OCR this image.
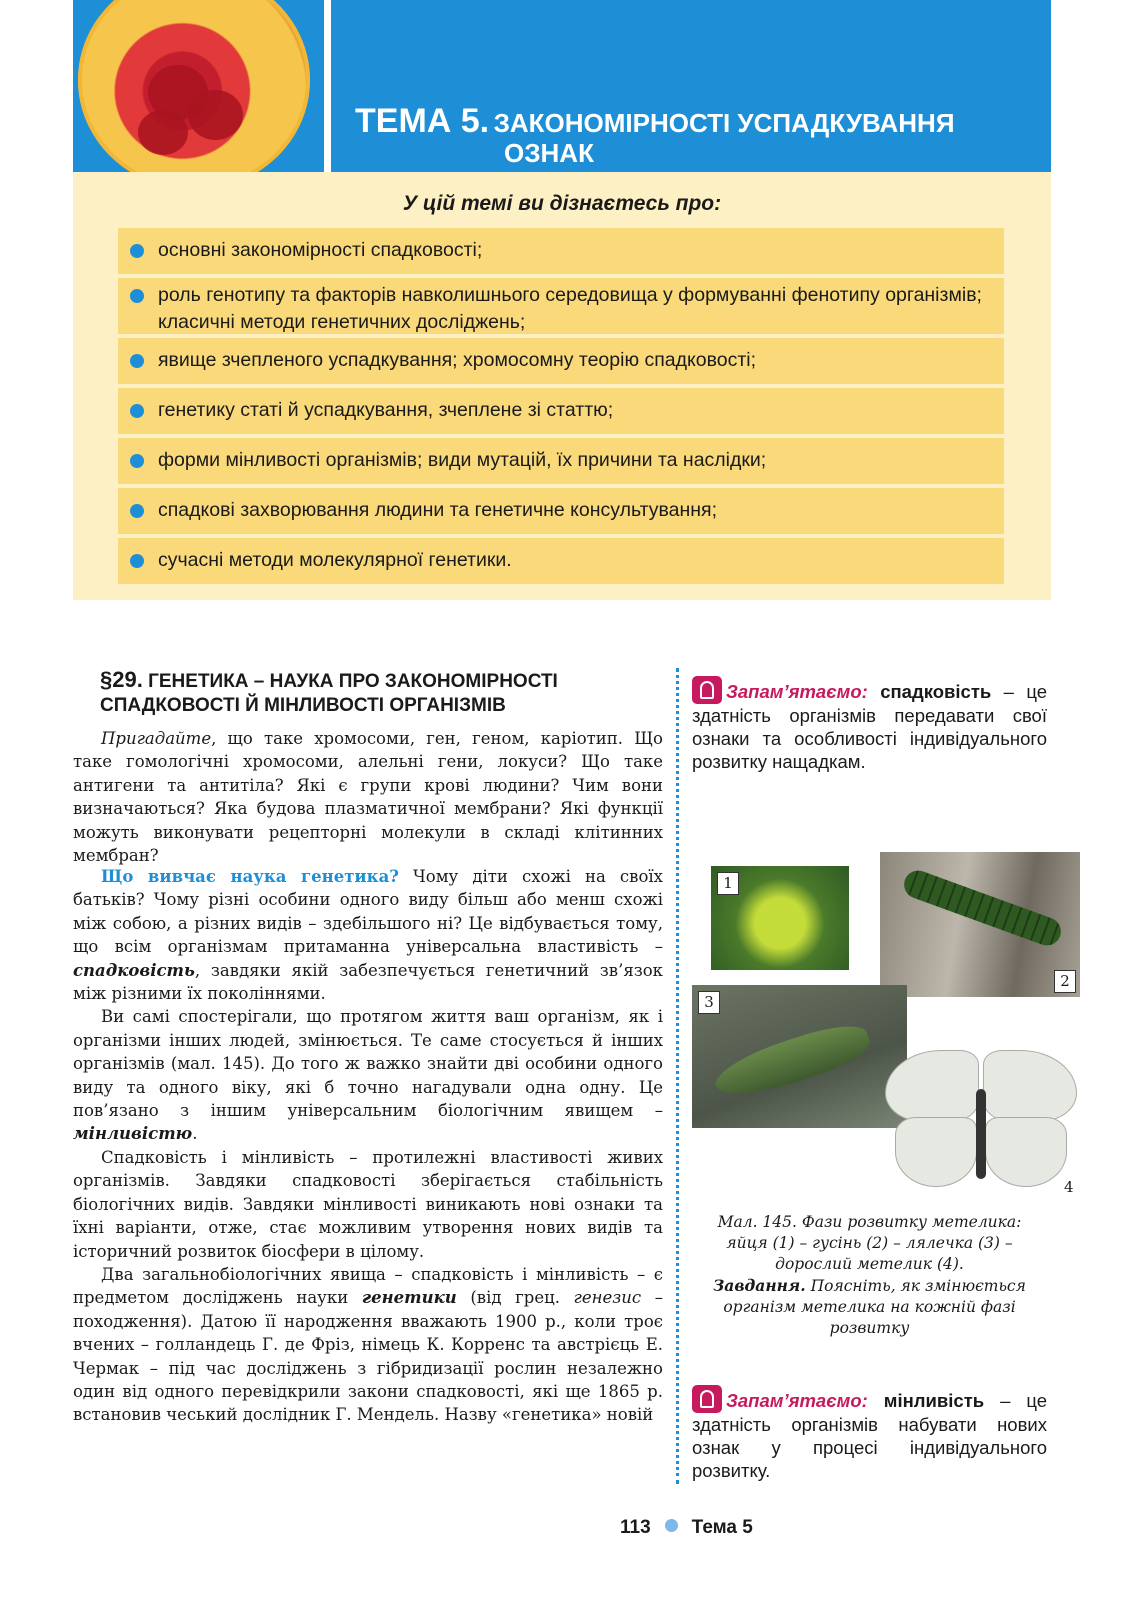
ТЕМА 5. ЗАКОНОМІРНОСТІ УСПАДКУВАННЯ
ОЗНАК
У цій темі ви дізнаєтесь про:
основні закономірності спадковості;
роль генотипу та факторів навколишнього середовища у формуванні фенотипу організмів; класичні методи генетичних досліджень;
явище зчепленого успадкування; хромосомну теорію спадковості;
генетику статі й успадкування, зчеплене зі статтю;
форми мінливості організмів; види мутацій, їх причини та наслідки;
спадкові захворювання людини та генетичне консультування;
сучасні методи молекулярної генетики.
§29. ГЕНЕТИКА – НАУКА ПРО ЗАКОНОМІРНОСТІ
СПАДКОВОСТІ Й МІНЛИВОСТІ ОРГАНІЗМІВ

Пригадайте, що таке хромосоми, ген, геном, каріотип. Що таке гомологічні хромосоми, алельні гени, локуси? Що таке антигени та антитіла? Які є групи крові людини? Чим вони визначаються? Яка будова плазматичної мембрани? Які функції можуть виконувати рецепторні молекули в складі клітинних мембран?

Що вивчає наука генетика? Чому діти схожі на своїх батьків? Чому різні особини одного виду більш або менш схожі між собою, а різних видів – здебільшого ні? Це відбувається тому, що всім організмам притаманна універсальна властивість – спадковість, завдяки якій забезпечується генетичний зв’язок між різними їх поколіннями.

Ви самі спостерігали, що протягом життя ваш організм, як і організми інших людей, змінюється. Те саме стосується й інших організмів (мал. 145). До того ж важко знайти дві особини одного виду та одного віку, які б точно нагадували одна одну. Це пов’язано з іншим універсальним біологічним явищем – мінливістю.

Спадковість і мінливість – протилежні властивості живих організмів. Завдяки спадковості зберігається стабільність біологічних видів. Завдяки мінливості виникають нові ознаки та їхні варіанти, отже, стає можливим утворення нових видів та історичний розвиток біосфери в цілому.

Два загальнобіологічних явища – спадковість і мінливість – є предметом досліджень науки генетики (від грец. генезис – походження). Датою її народження вважають 1900 р., коли троє вчених – голландець Г. де Фріз, німець К. Корренс та австрієць Е. Чермак – під час досліджень з гібридизації рослин незалежно один від одного перевідкрили закони спадковості, які ще 1865 р. встановив чеський дослідник Г. Мендель. Назву «генетика» новій

Запам’ятаємо: спадковість – це здатність організмів передавати свої ознаки та особливості індивідуального розвитку нащадкам.
1
2
3
4
Мал. 145. Фази розвитку метелика:
яйця (1) – гусінь (2) – лялечка (3) –
дорослий метелик (4).
Завдання. Поясніть, як змінюється організм метелика на кожній фазі розвитку
Запам’ятаємо: мінливість – це здатність організмів набувати нових ознак у процесі індивідуального розвитку.
113 Тема 5
